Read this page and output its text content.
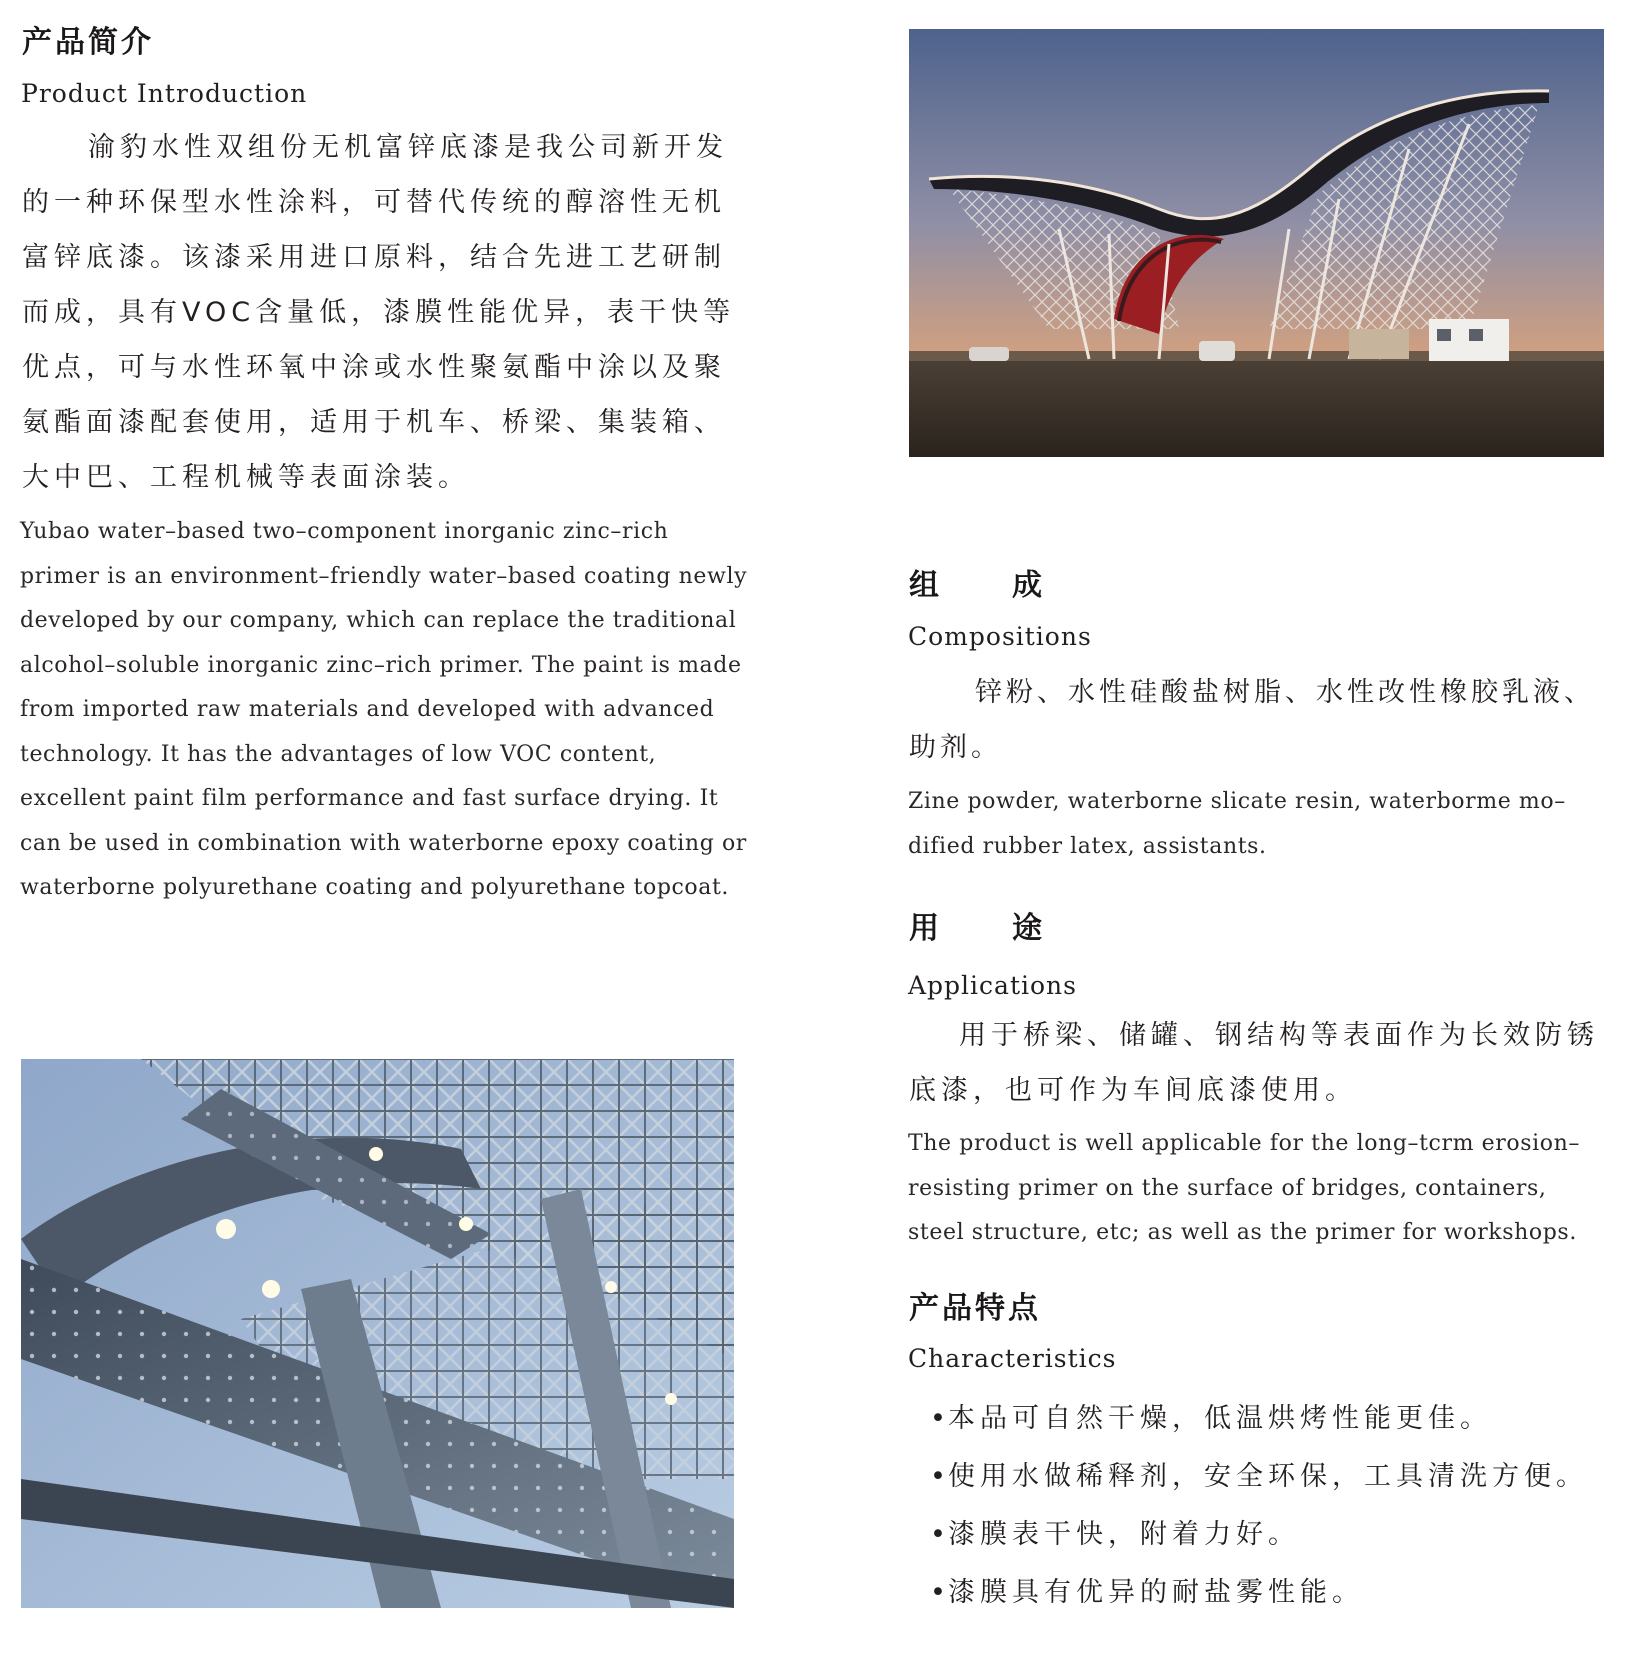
产品简介
Product Introduction

渝豹水性双组份无机富锌底漆是我公司新开发的一种环保型水性涂料，可替代传统的醇溶性无机富锌底漆。该漆采用进口原料，结合先进工艺研制而成，具有VOC含量低，漆膜性能优异，表干快等优点，可与水性环氧中涂或水性聚氨酯中涂以及聚氨酯面漆配套使用，适用于机车、桥梁、集装箱、大中巴、工程机械等表面涂装。

Yubao water–based two–component inorganic zinc–rich primer is an environment–friendly water–based coating newly developed by our company, which can replace the traditional alcohol–soluble inorganic zinc–rich primer. The paint is made from imported raw materials and developed with advanced technology. It has the advantages of low VOC content, excellent paint film performance and fast surface drying. It can be used in combination with waterborne epoxy coating or waterborne polyurethane coating and polyurethane topcoat.

组 成
Compositions

锌粉、水性硅酸盐树脂、水性改性橡胶乳液、助剂。

Zine powder, waterborne slicate resin, waterborme mo–dified rubber latex, assistants.

用 途
Applications

用于桥梁、储罐、钢结构等表面作为长效防锈底漆，也可作为车间底漆使用。

The product is well applicable for the long–tcrm erosion–resisting primer on the surface of bridges, containers, steel structure, etc; as well as the primer for workshops.

产品特点
Characteristics
•本品可自然干燥，低温烘烤性能更佳。
•使用水做稀释剂，安全环保，工具清洗方便。
•漆膜表干快，附着力好。
•漆膜具有优异的耐盐雾性能。
